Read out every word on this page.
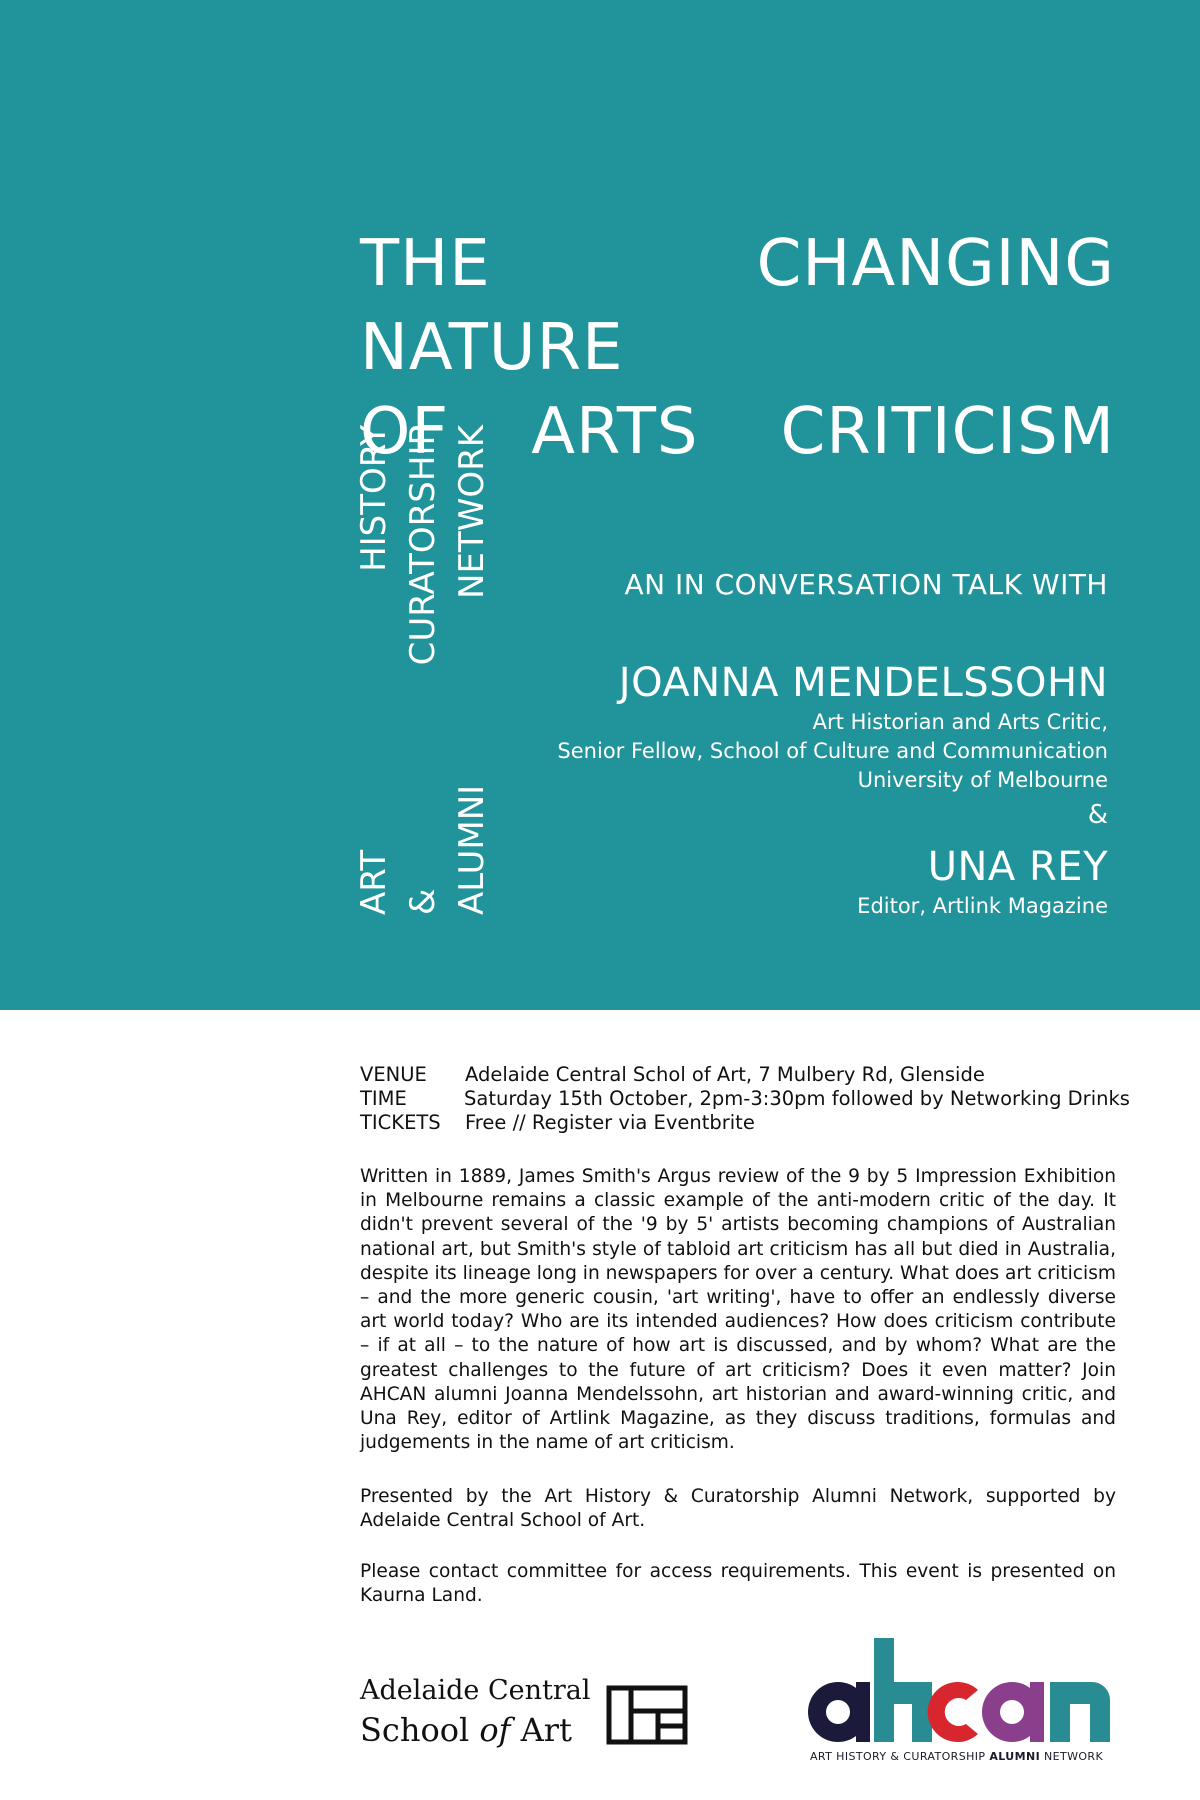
THE CHANGING NATURE
OF ARTS CRITICISM
ART HISTORY & CURATORSHIP ALUMNI NETWORK	AN IN CONVERSATION TALK WITH
JOANNA MENDELSSOHN
Art Historian and Arts Critic,
Senior Fellow, School of Culture and Communication
University of Melbourne
&
UNA REY
Editor, Artlink Magazine
VENUE	Adelaide Central Schol of Art, 7 Mulbery Rd, Glenside
TIME	Saturday 15th October, 2pm-3:30pm followed by Networking Drinks
TICKETS	Free // Register via Eventbrite

Written in 1889, James Smith's Argus review of the 9 by 5 Impression Exhibition in Melbourne remains a classic example of the anti-modern critic of the day. It didn't prevent several of the '9 by 5' artists becoming champions of Australian national art, but Smith's style of tabloid art criticism has all but died in Australia, despite its lineage long in newspapers for over a century. What does art criticism – and the more generic cousin, 'art writing', have to offer an endlessly diverse art world today? Who are its intended audiences? How does criticism contribute – if at all – to the nature of how art is discussed, and by whom? What are the greatest challenges to the future of art criticism? Does it even matter? Join AHCAN alumni Joanna Mendelssohn, art historian and award-winning critic, and Una Rey, editor of Artlink Magazine, as they discuss traditions, formulas and judgements in the name of art criticism.

Presented by the Art History & Curatorship Alumni Network, supported by Adelaide Central School of Art.

Please contact committee for access requirements. This event is presented on Kaurna Land.

Adelaide Central
School of Art
ART HISTORY & CURATORSHIP ALUMNI NETWORK
